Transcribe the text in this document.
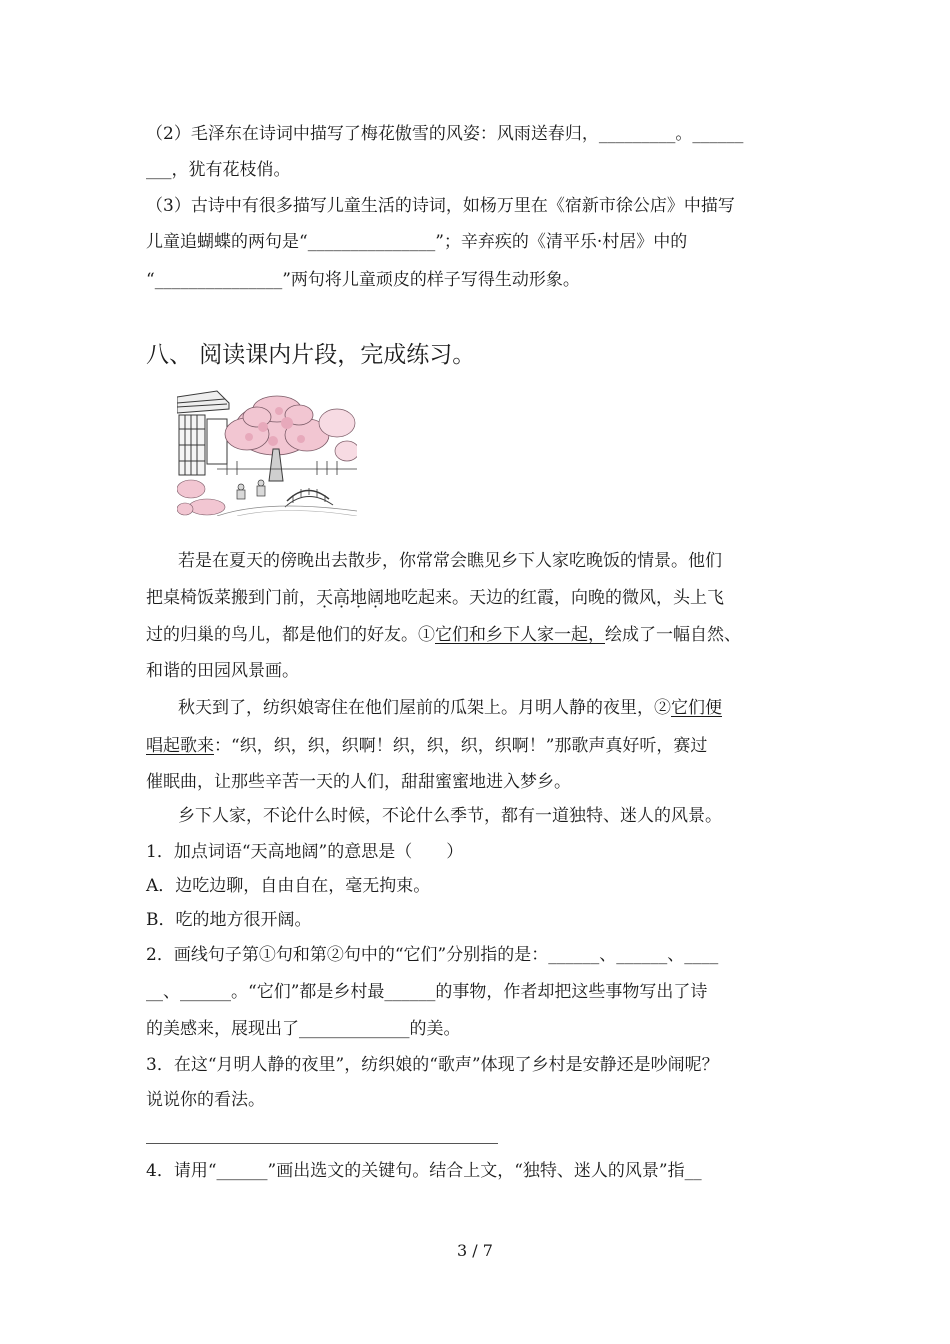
（2）毛泽东在诗词中描写了梅花傲雪的风姿：风雨送春归，_________。______
___，犹有花枝俏。
（3）古诗中有很多描写儿童生活的诗词，如杨万里在《宿新市徐公店》中描写
儿童追蝴蝶的两句是“_______________”；辛弃疾的《清平乐·村居》中的
“_______________”两句将儿童顽皮的样子写得生动形象。
八、 阅读课内片段，完成练习。
若是在夏天的傍晚出去散步，你常常会瞧见乡下人家吃晚饭的情景。他们
把桌椅饭菜搬到门前，天高地阔地吃起来。天边的红霞，向晚的微风，头上飞
过的归巢的鸟儿，都是他们的好友。①它们和乡下人家一起，绘成了一幅自然、
和谐的田园风景画。
秋天到了，纺织娘寄住在他们屋前的瓜架上。月明人静的夜里，②它们便
唱起歌来：“织，织，织，织啊！织，织，织，织啊！”那歌声真好听，赛过
催眠曲，让那些辛苦一天的人们，甜甜蜜蜜地进入梦乡。
乡下人家，不论什么时候，不论什么季节，都有一道独特、迷人的风景。
1．加点词语“天高地阔”的意思是（　　）
A．边吃边聊，自由自在，毫无拘束。
B．吃的地方很开阔。
2．画线句子第①句和第②句中的“它们”分别指的是：______、______、____
__、______。“它们”都是乡村最______的事物，作者却把这些事物写出了诗
的美感来，展现出了_____________的美。
3．在这“月明人静的夜里”，纺织娘的“歌声”体现了乡村是安静还是吵闹呢？
说说你的看法。
4．请用“______”画出选文的关键句。结合上文，“独特、迷人的风景”指__
3 / 7
